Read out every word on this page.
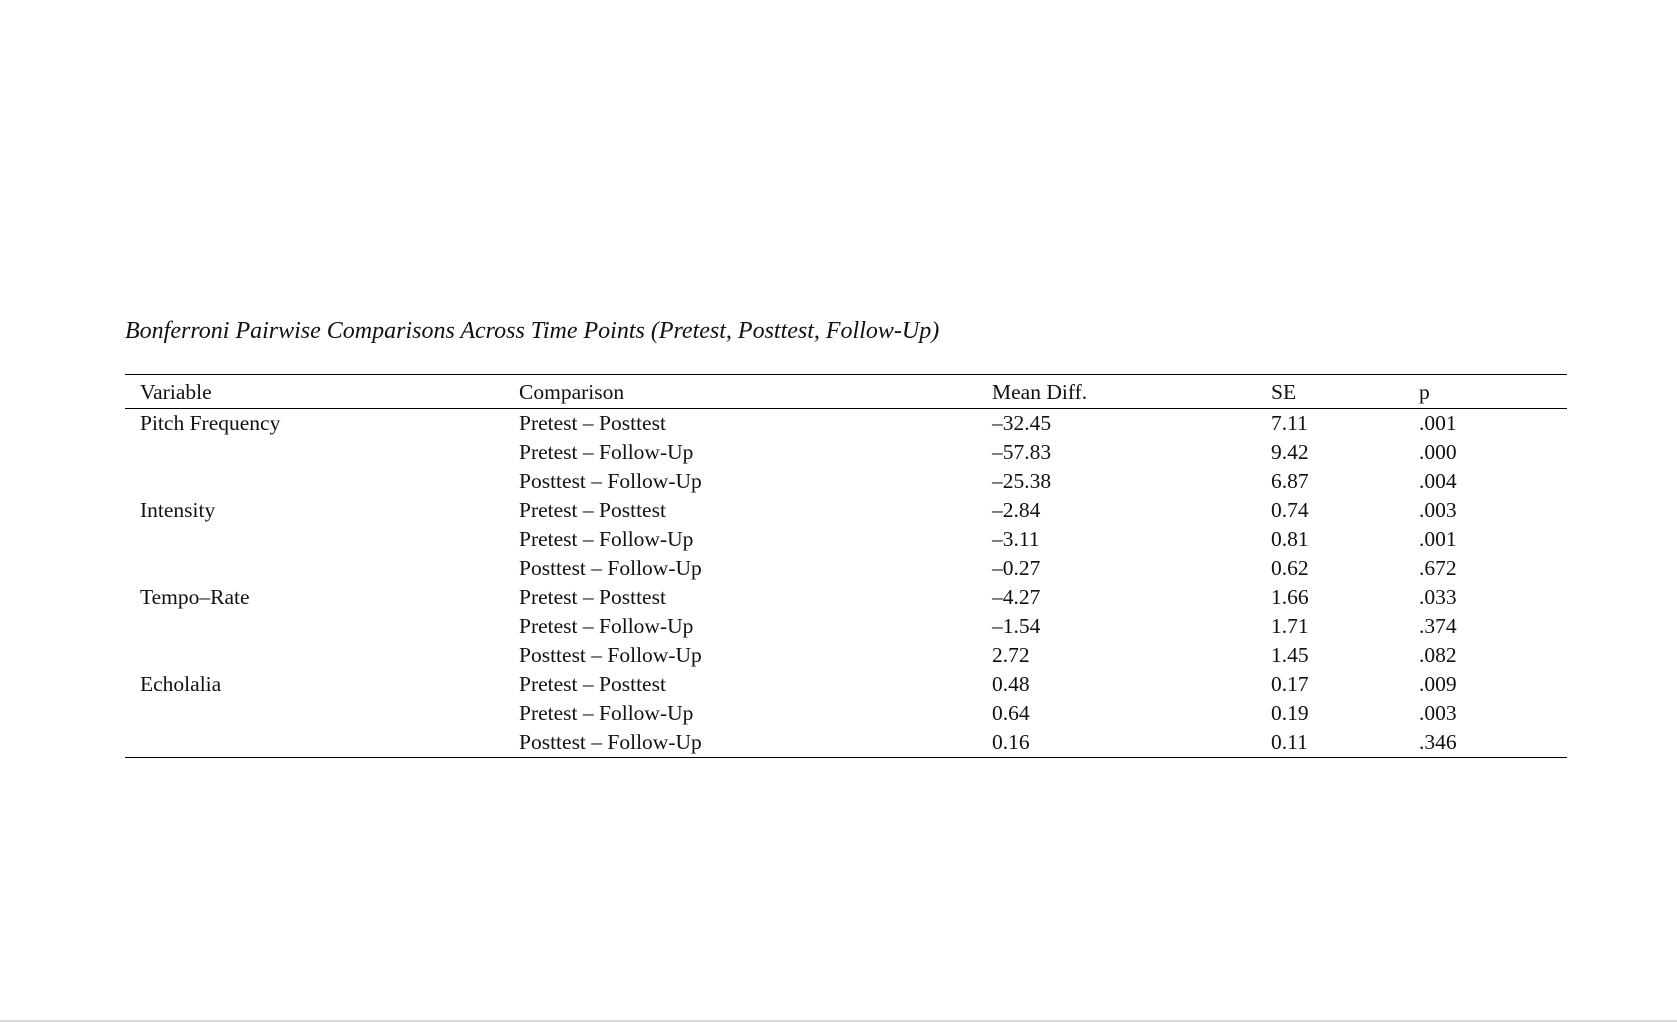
Bonferroni Pairwise Comparisons Across Time Points (Pretest, Posttest, Follow-Up)
Variable	Comparison	Mean Diff.	SE	p
Pitch Frequency	Pretest – Posttest	–32.45	7.11	.001
	Pretest – Follow-Up	–57.83	9.42	.000
	Posttest – Follow-Up	–25.38	6.87	.004
Intensity	Pretest – Posttest	–2.84	0.74	.003
	Pretest – Follow-Up	–3.11	0.81	.001
	Posttest – Follow-Up	–0.27	0.62	.672
Tempo–Rate	Pretest – Posttest	–4.27	1.66	.033
	Pretest – Follow-Up	–1.54	1.71	.374
	Posttest – Follow-Up	2.72	1.45	.082
Echolalia	Pretest – Posttest	0.48	0.17	.009
	Pretest – Follow-Up	0.64	0.19	.003
	Posttest – Follow-Up	0.16	0.11	.346
